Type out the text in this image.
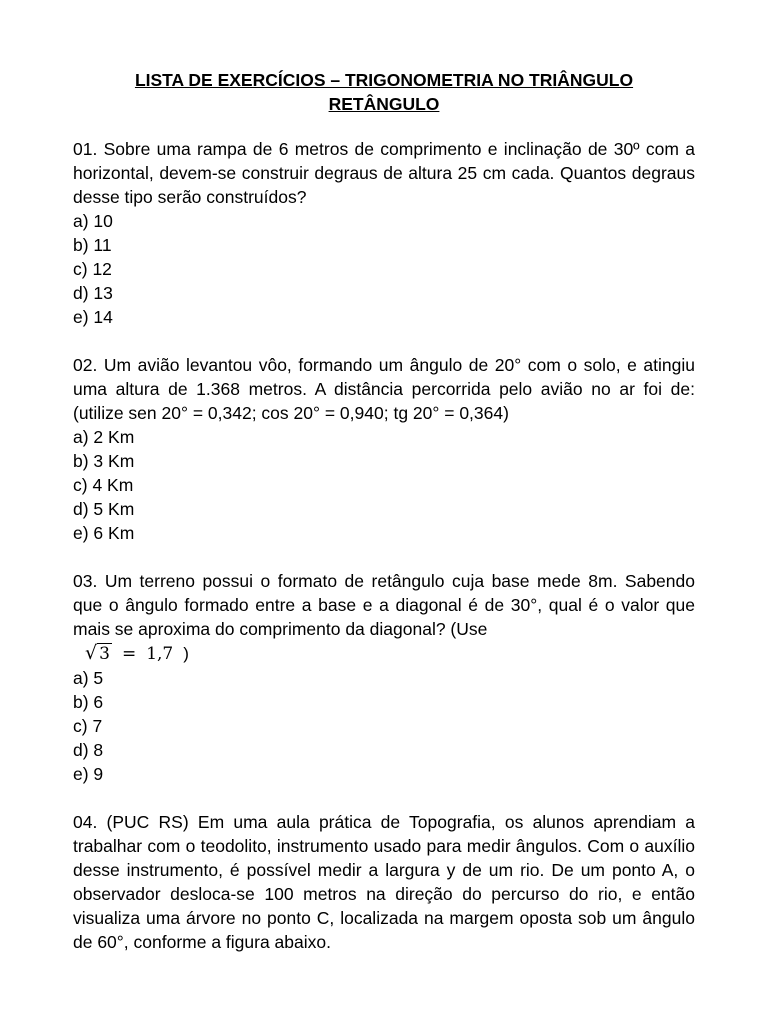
LISTA DE EXERCÍCIOS – TRIGONOMETRIA NO TRIÂNGULO
RETÂNGULO

01. Sobre uma rampa de 6 metros de comprimento e inclinação de 30º com a horizontal, devem-se construir degraus de altura 25 cm cada. Quantos degraus desse tipo serão construídos?

a) 10
b) 11
c) 12
d) 13
e) 14

02. Um avião levantou vôo, formando um ângulo de 20° com o solo, e atingiu uma altura de 1.368 metros. A distância percorrida pelo avião no ar foi de: (utilize sen 20° = 0,342; cos 20° = 0,940; tg 20° = 0,364)

a) 2 Km
b) 3 Km
c) 4 Km
d) 5 Km
e) 6 Km

03. Um terreno possui o formato de retângulo cuja base mede 8m. Sabendo que o ângulo formado entre a base e a diagonal é de 30°, qual é o valor que mais se aproxima do comprimento da diagonal? (Use

√ 3 = 1,7 )

a) 5
b) 6
c) 7
d) 8
e) 9

04. (PUC RS) Em uma aula prática de Topografia, os alunos aprendiam a trabalhar com o teodolito, instrumento usado para medir ângulos. Com o auxílio desse instrumento, é possível medir a largura y de um rio. De um ponto A, o observador desloca-se 100 metros na direção do percurso do rio, e então visualiza uma árvore no ponto C, localizada na margem oposta sob um ângulo de 60°, conforme a figura abaixo.
